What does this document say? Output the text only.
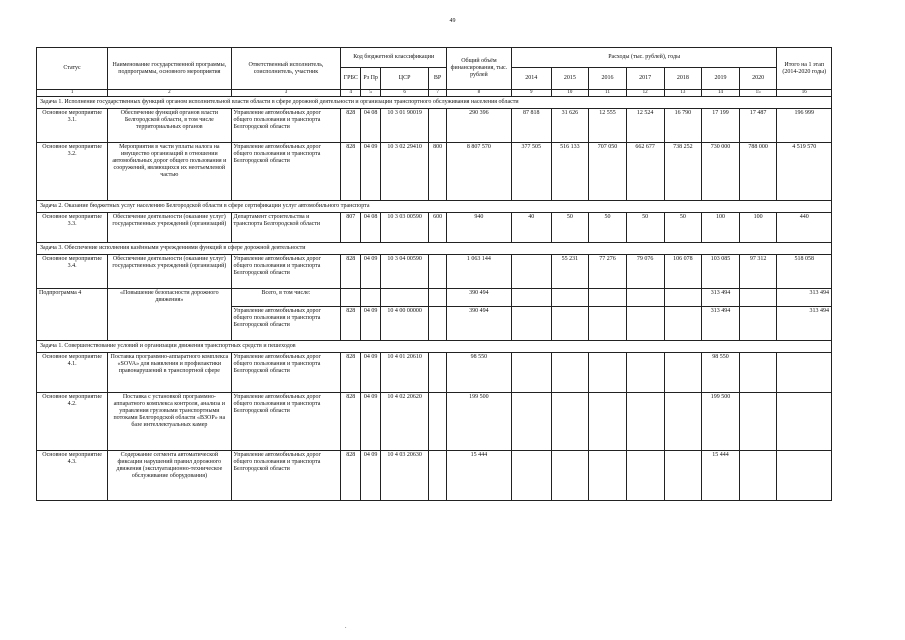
49
Статус	Наименование государственной программы, подпрограммы, основного мероприятия	Ответственный исполнитель, соисполнитель, участник	Код бюджетной классификации				Общий объём финансирования, тыс. рублей	Расходы (тыс. рублей), годы							Итого на 1 этап (2014-2020 годы)
			ГРБС	Рз Пр	ЦСР	ВР		2014	2015	2016	2017	2018	2019	2020	
1	2	3	4	5	6	7	8	9	10	11	12	13	14	15	16
Задача 1. Исполнение государственных функций органом исполнительной власти области в сфере дорожной деятельности и организации транспортного обслуживания населения области															
Основное мероприятие 3.1.	Обеспечение функций органов власти Белгородской области, в том числе территориальных органов	Управление автомобильных дорог общего пользования и транспорта Белгородской области	828	04 08	10 3 01 90019		290 396	87 818	31 626	12 555	12 524	16 790	17 199	17 487	196 999
Основное мероприятие 3.2.	Мероприятия в части уплаты налога на имущество организаций в отношении автомобильных дорог общего пользования и сооружений, являющихся их неотъемлемой частью	Управление автомобильных дорог общего пользования и транспорта Белгородской области	828	04 09	10 3 02 29410	800	8 807 570	377 505	516 133	707 050	662 677	738 252	730 000	788 000	4 519 570
Задача 2. Оказание бюджетных услуг населению Белгородской области в сфере сертификации услуг автомобильного транспорта															
Основное мероприятие 3.3.	Обеспечение деятельности (оказание услуг) государственных учреждений (организаций)	Департамент строительства и транспорта Белгородской области	807	04 08	10 3 03 00590	600	940	40	50	50	50	50	100	100	440
Задача 3. Обеспечение исполнения казёнными учреждениями функций в сфере дорожной деятельности															
Основное мероприятие 3.4.	Обеспечение деятельности (оказание услуг) государственных учреждений (организаций)	Управление автомобильных дорог общего пользования и транспорта Белгородской области	828	04 09	10 3 04 00590		1 063 144		55 231	77 276	79 076	106 078	103 085	97 312	518 058
Подпрограмма 4	«Повышение безопасности дорожного движения»	Всего, в том числе:					390 494						313 494		313 494
		Управление автомобильных дорог общего пользования и транспорта Белгородской области	828	04 09	10 4 00 00000		390 494						313 494		313 494
Задача 1. Совершенствование условий и организации движения транспортных средств и пешеходов															
Основное мероприятие 4.1.	Поставка программно-аппаратного комплекса «SOVA» для выявления и профилактики правонарушений в транспортной сфере	Управление автомобильных дорог общего пользования и транспорта Белгородской области	828	04 09	10 4 01 20610		98 550						98 550		
Основное мероприятие 4.2.	Поставка с установкой программно-аппаратного комплекса контроля, анализа и управления грузовыми транспортными потоками Белгородской области «ВЗОР» на базе интеллектуальных камер	Управление автомобильных дорог общего пользования и транспорта Белгородской области	828	04 09	10 4 02 20620		199 500						199 500		
Основное мероприятие 4.3.	Содержание сегмента автоматической фиксации нарушений правил дорожного движения (эксплуатационно-техническое обслуживание оборудования)	Управление автомобильных дорог общего пользования и транспорта Белгородской области	828	04 09	10 4 03 20630		15 444						15 444		
.
